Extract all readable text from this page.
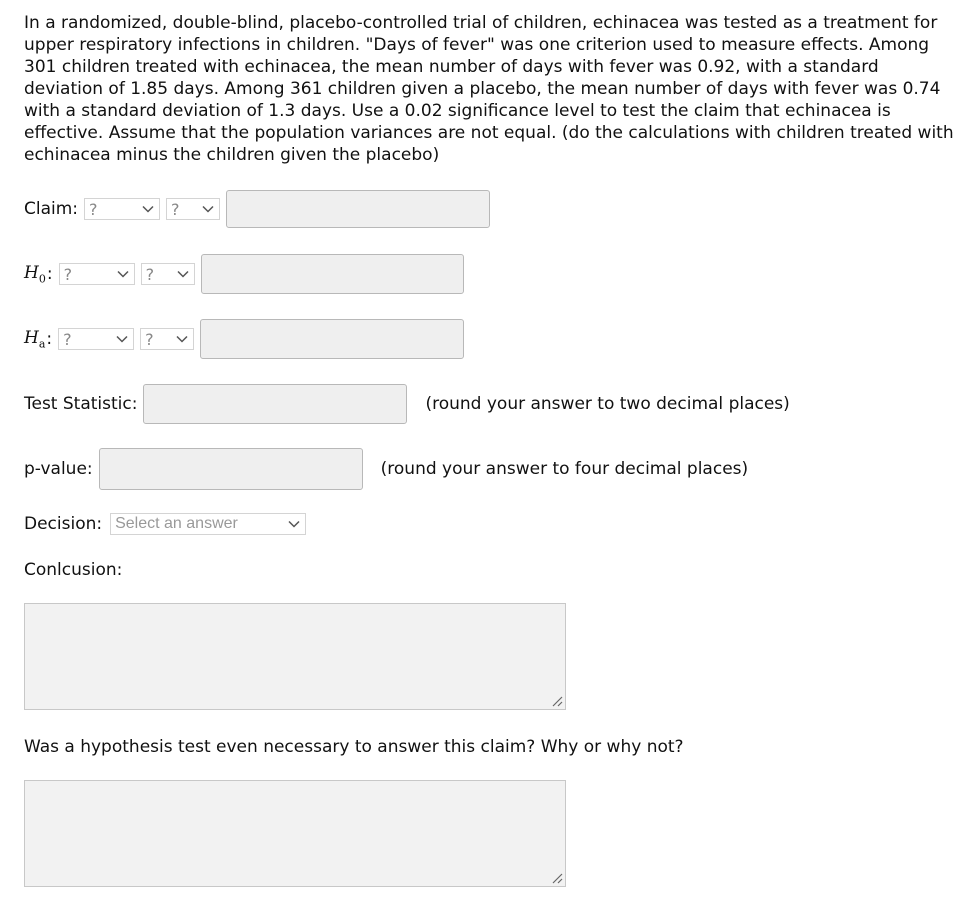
In a randomized, double-blind, placebo-controlled trial of children, echinacea was tested as a treatment for upper respiratory infections in children. "Days of fever" was one criterion used to measure effects. Among 301 children treated with echinacea, the mean number of days with fever was 0.92, with a standard deviation of 1.85 days. Among 361 children given a placebo, the mean number of days with fever was 0.74 with a standard deviation of 1.3 days. Use a 0.02 significance level to test the claim that echinacea is effective. Assume that the population variances are not equal. (do the calculations with children treated with echinacea minus the children given the placebo)
Claim: ?	?
$H_0$ : ?	?
$H_a$ : ?	?
Test Statistic:	(round your answer to two decimal places)
p-value:	(round your answer to four decimal places)
Decision: Select an answer
Conlcusion:
Was a hypothesis test even necessary to answer this claim? Why or why not?
